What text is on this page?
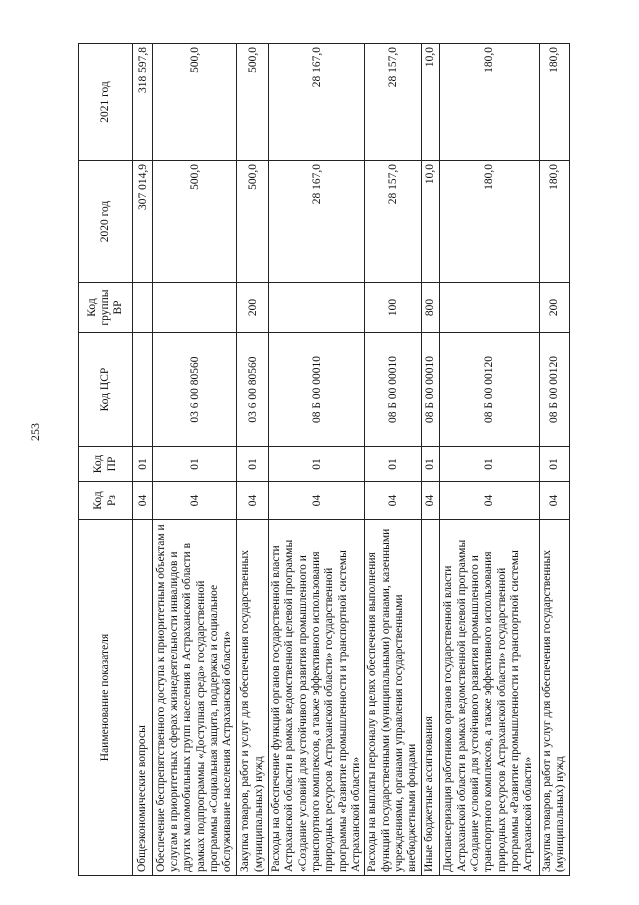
253
Наименование показателя	Код Рз	Код ПР	Код ЦСР	Код группы ВР	2020 год	2021 год
Общеэкономические вопросы	04	01			307 014,9	318 597,8
Обеспечение беспрепятственного доступа к приоритетным объектам и услугам в приоритетных сферах жизнедеятельности инвалидов и других маломобильных групп населения в Астраханской области в рамках подпрограммы «Доступная среда» государственной программы «Социальная защита, поддержка и социальное обслуживание населения Астраханской области»	04	01	03 6 00 80560		500,0	500,0
Закупка товаров, работ и услуг для обеспечения государственных (муниципальных) нужд	04	01	03 6 00 80560	200	500,0	500,0
Расходы на обеспечение функций органов государственной власти Астраханской области в рамках ведомственной целевой программы «Создание условий для устойчивого развития промышленного и транспортного комплексов, а также эффективного использования природных ресурсов Астраханской области» государственной программы «Развитие промышленности и транспортной системы Астраханской области»	04	01	08 Б 00 00010		28 167,0	28 167,0
Расходы на выплаты персоналу в целях обеспечения выполнения функций государственными (муниципальными) органами, казенными учреждениями, органами управления государственными внебюджетными фондами	04	01	08 Б 00 00010	100	28 157,0	28 157,0
Иные бюджетные ассигнования	04	01	08 Б 00 00010	800	10,0	10,0
Диспансеризация работников органов государственной власти Астраханской области в рамках ведомственной целевой программы «Создание условий для устойчивого развития промышленного и транспортного комплексов, а также эффективного использования природных ресурсов Астраханской области» государственной программы «Развитие промышленности и транспортной системы Астраханской области»	04	01	08 Б 00 00120		180,0	180,0
Закупка товаров, работ и услуг для обеспечения государственных (муниципальных) нужд	04	01	08 Б 00 00120	200	180,0	180,0
